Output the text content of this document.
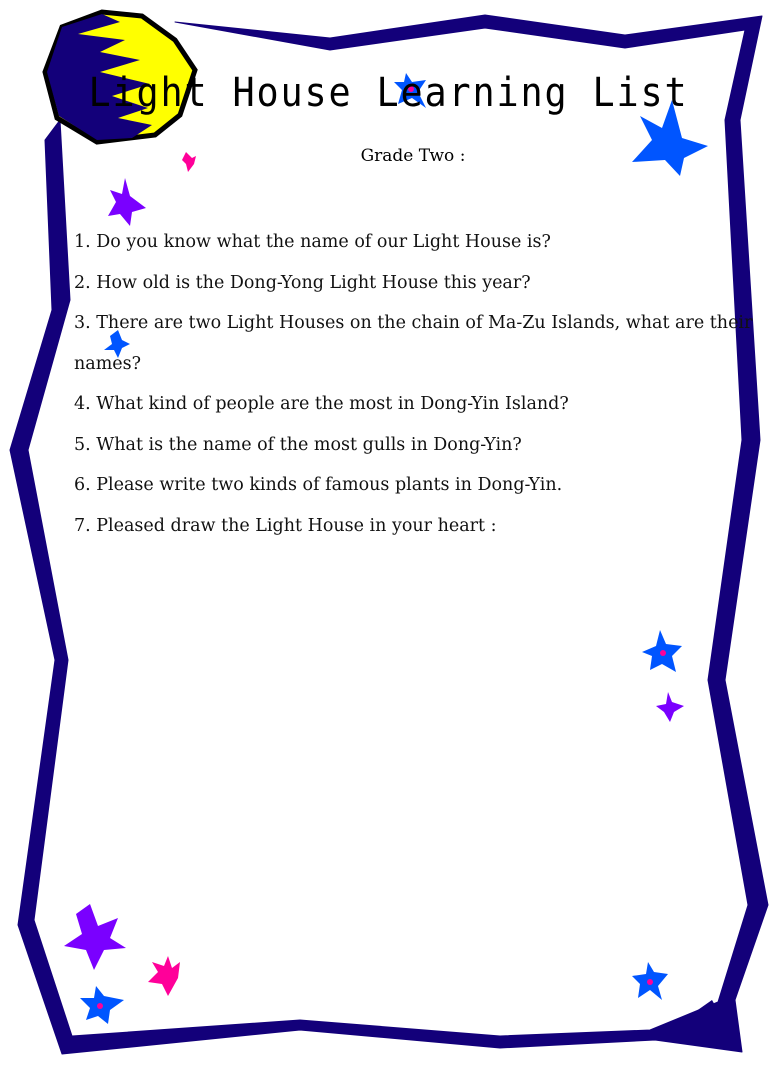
Light House Learning List
Grade Two :

1. Do you know what the name of our Light House is?

2. How old is the Dong-Yong Light House this year?

3. There are two Light Houses on the chain of Ma-Zu Islands, what are their names?

4. What kind of people are the most in Dong-Yin Island?

5. What is the name of the most gulls in Dong-Yin?

6. Please write two kinds of famous plants in Dong-Yin.

7. Pleased draw the Light House in your heart :
